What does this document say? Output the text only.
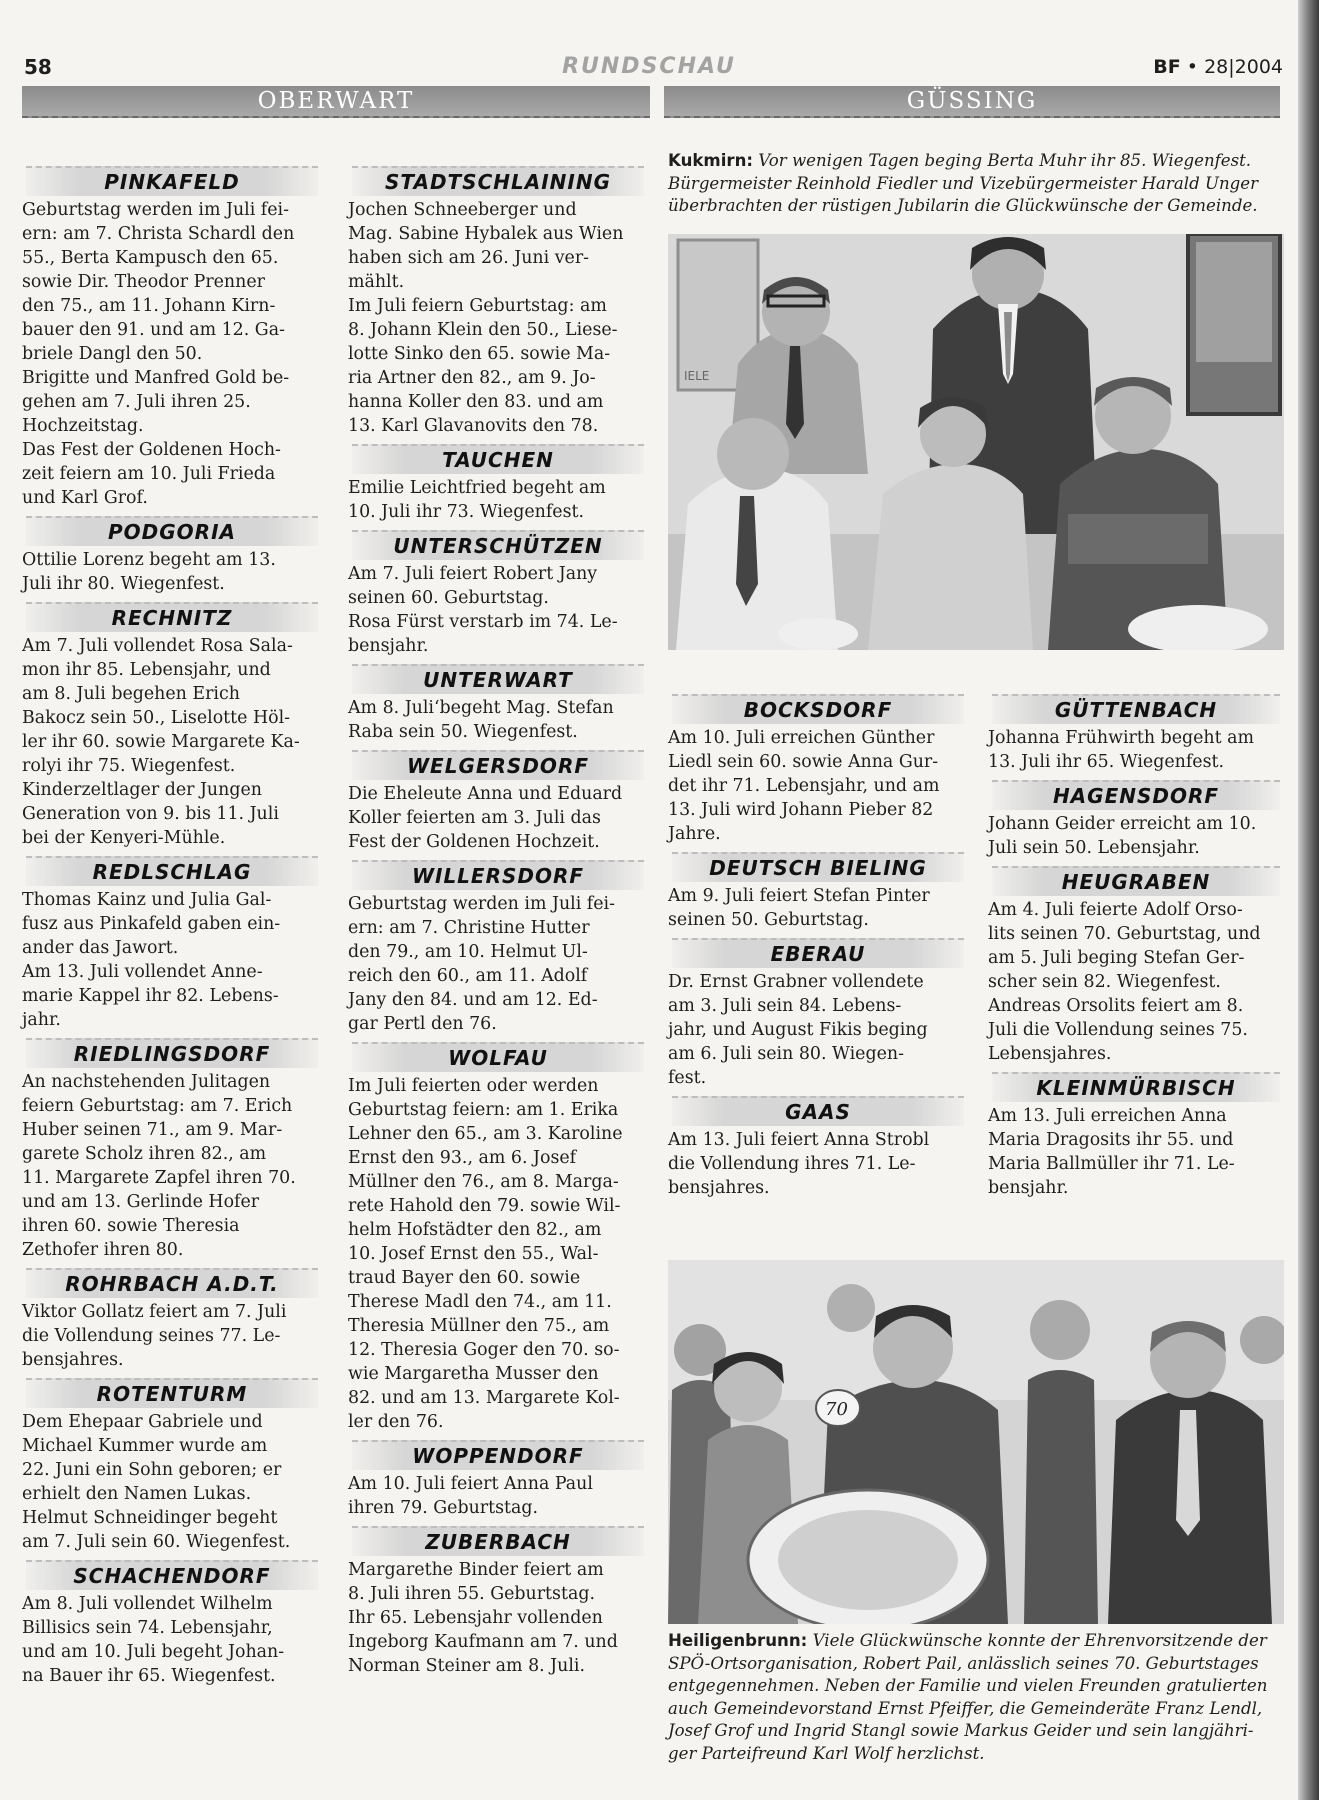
58	RUNDSCHAU	BF • 28|2004
OBERWART	GÜSSING
PINKAFELD
Geburtstag werden im Juli fei-
ern: am 7. Christa Schardl den
55., Berta Kampusch den 65.
sowie Dir. Theodor Prenner
den 75., am 11. Johann Kirn-
bauer den 91. und am 12. Ga-
briele Dangl den 50.
Brigitte und Manfred Gold be-
gehen am 7. Juli ihren 25.
Hochzeitstag.
Das Fest der Goldenen Hoch-
zeit feiern am 10. Juli Frieda
und Karl Grof.
PODGORIA
Ottilie Lorenz begeht am 13.
Juli ihr 80. Wiegenfest.
RECHNITZ
Am 7. Juli vollendet Rosa Sala-
mon ihr 85. Lebensjahr, und
am 8. Juli begehen Erich
Bakocz sein 50., Liselotte Höl-
ler ihr 60. sowie Margarete Ka-
rolyi ihr 75. Wiegenfest.
Kinderzeltlager der Jungen
Generation von 9. bis 11. Juli
bei der Kenyeri-Mühle.
REDLSCHLAG
Thomas Kainz und Julia Gal-
fusz aus Pinkafeld gaben ein-
ander das Jawort.
Am 13. Juli vollendet Anne-
marie Kappel ihr 82. Lebens-
jahr.
RIEDLINGSDORF
An nachstehenden Julitagen
feiern Geburtstag: am 7. Erich
Huber seinen 71., am 9. Mar-
garete Scholz ihren 82., am
11. Margarete Zapfel ihren 70.
und am 13. Gerlinde Hofer
ihren 60. sowie Theresia
Zethofer ihren 80.
ROHRBACH A.D.T.
Viktor Gollatz feiert am 7. Juli
die Vollendung seines 77. Le-
bensjahres.
ROTENTURM
Dem Ehepaar Gabriele und
Michael Kummer wurde am
22. Juni ein Sohn geboren; er
erhielt den Namen Lukas.
Helmut Schneidinger begeht
am 7. Juli sein 60. Wiegenfest.
SCHACHENDORF
Am 8. Juli vollendet Wilhelm
Billisics sein 74. Lebensjahr,
und am 10. Juli begeht Johan-
na Bauer ihr 65. Wiegenfest.
STADTSCHLAINING
Jochen Schneeberger und
Mag. Sabine Hybalek aus Wien
haben sich am 26. Juni ver-
mählt.
Im Juli feiern Geburtstag: am
8. Johann Klein den 50., Liese-
lotte Sinko den 65. sowie Ma-
ria Artner den 82., am 9. Jo-
hanna Koller den 83. und am
13. Karl Glavanovits den 78.
TAUCHEN
Emilie Leichtfried begeht am
10. Juli ihr 73. Wiegenfest.
UNTERSCHÜTZEN
Am 7. Juli feiert Robert Jany
seinen 60. Geburtstag.
Rosa Fürst verstarb im 74. Le-
bensjahr.
UNTERWART
Am 8. Juli‘begeht Mag. Stefan
Raba sein 50. Wiegenfest.
WELGERSDORF
Die Eheleute Anna und Eduard
Koller feierten am 3. Juli das
Fest der Goldenen Hochzeit.
WILLERSDORF
Geburtstag werden im Juli fei-
ern: am 7. Christine Hutter
den 79., am 10. Helmut Ul-
reich den 60., am 11. Adolf
Jany den 84. und am 12. Ed-
gar Pertl den 76.
WOLFAU
Im Juli feierten oder werden
Geburtstag feiern: am 1. Erika
Lehner den 65., am 3. Karoline
Ernst den 93., am 6. Josef
Müllner den 76., am 8. Marga-
rete Hahold den 79. sowie Wil-
helm Hofstädter den 82., am
10. Josef Ernst den 55., Wal-
traud Bayer den 60. sowie
Therese Madl den 74., am 11.
Theresia Müllner den 75., am
12. Theresia Goger den 70. so-
wie Margaretha Musser den
82. und am 13. Margarete Kol-
ler den 76.
WOPPENDORF
Am 10. Juli feiert Anna Paul
ihren 79. Geburtstag.
ZUBERBACH
Margarethe Binder feiert am
8. Juli ihren 55. Geburtstag.
Ihr 65. Lebensjahr vollenden
Ingeborg Kaufmann am 7. und
Norman Steiner am 8. Juli.
Kukmirn: Vor wenigen Tagen beging Berta Muhr ihr 85. Wiegenfest.
Bürgermeister Reinhold Fiedler und Vizebürgermeister Harald Unger
überbrachten der rüstigen Jubilarin die Glückwünsche der Gemeinde.
IELE
BOCKSDORF
Am 10. Juli erreichen Günther
Liedl sein 60. sowie Anna Gur-
det ihr 71. Lebensjahr, und am
13. Juli wird Johann Pieber 82
Jahre.
DEUTSCH BIELING
Am 9. Juli feiert Stefan Pinter
seinen 50. Geburtstag.
EBERAU
Dr. Ernst Grabner vollendete
am 3. Juli sein 84. Lebens-
jahr, und August Fikis beging
am 6. Juli sein 80. Wiegen-
fest.
GAAS
Am 13. Juli feiert Anna Strobl
die Vollendung ihres 71. Le-
bensjahres.
GÜTTENBACH
Johanna Frühwirth begeht am
13. Juli ihr 65. Wiegenfest.
HAGENSDORF
Johann Geider erreicht am 10.
Juli sein 50. Lebensjahr.
HEUGRABEN
Am 4. Juli feierte Adolf Orso-
lits seinen 70. Geburtstag, und
am 5. Juli beging Stefan Ger-
scher sein 82. Wiegenfest.
Andreas Orsolits feiert am 8.
Juli die Vollendung seines 75.
Lebensjahres.
KLEINMÜRBISCH
Am 13. Juli erreichen Anna
Maria Dragosits ihr 55. und
Maria Ballmüller ihr 71. Le-
bensjahr.
70
Heiligenbrunn: Viele Glückwünsche konnte der Ehrenvorsitzende der
SPÖ-Ortsorganisation, Robert Pail, anlässlich seines 70. Geburtstages
entgegennehmen. Neben der Familie und vielen Freunden gratulierten
auch Gemeindevorstand Ernst Pfeiffer, die Gemeinderäte Franz Lendl,
Josef Grof und Ingrid Stangl sowie Markus Geider und sein langjähri-
ger Parteifreund Karl Wolf herzlichst.
